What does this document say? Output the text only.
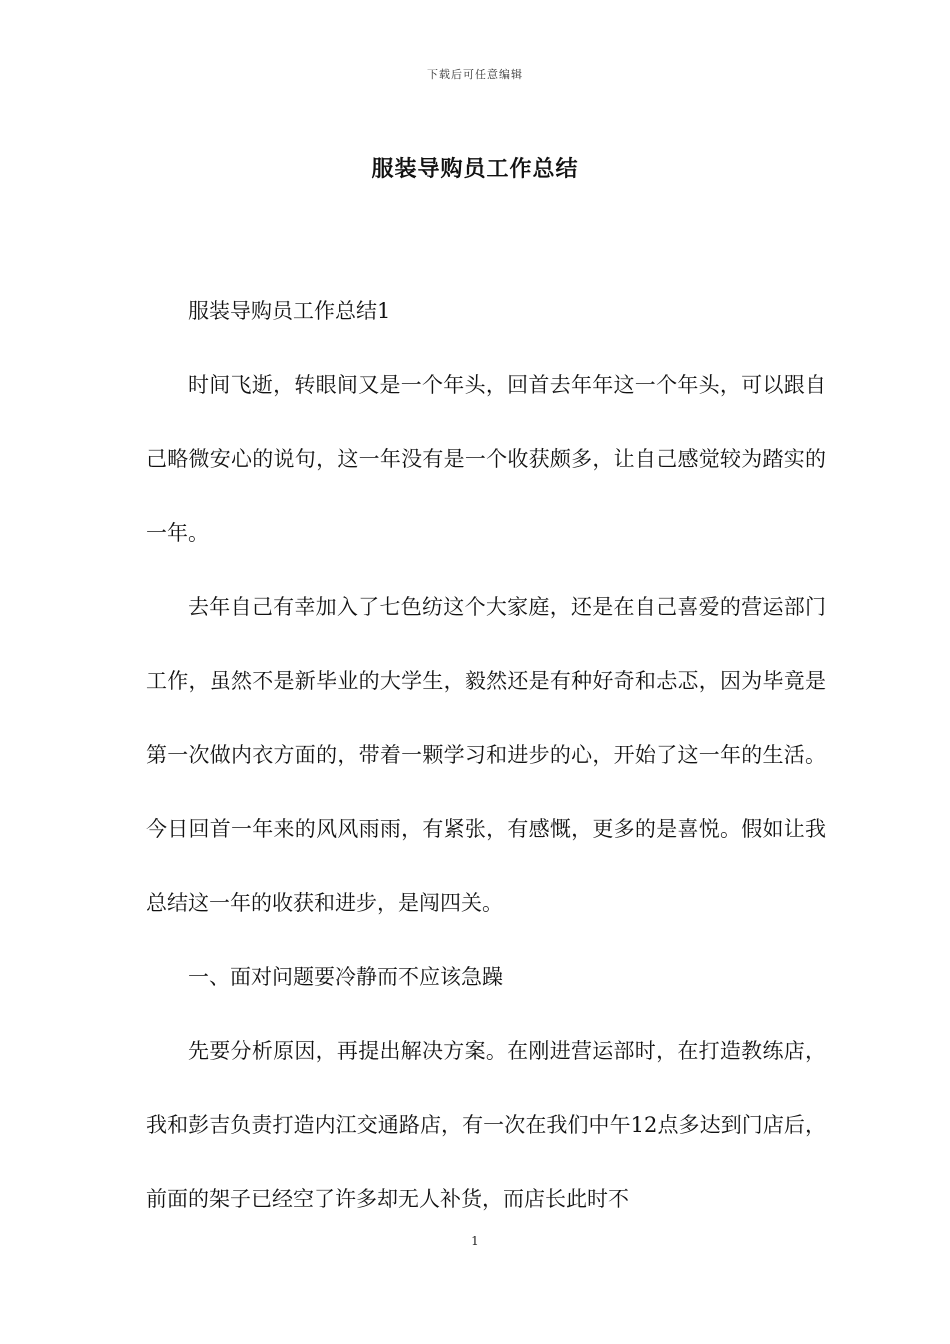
下载后可任意编辑
服装导购员工作总结

服装导购员工作总结1

时间飞逝，转眼间又是一个年头，回首去年年这一个年头，可以跟自己略微安心的说句，这一年没有是一个收获颇多，让自己感觉较为踏实的一年。

去年自己有幸加入了七色纺这个大家庭，还是在自己喜爱的营运部门工作，虽然不是新毕业的大学生，毅然还是有种好奇和忐忑，因为毕竟是第一次做内衣方面的，带着一颗学习和进步的心，开始了这一年的生活。今日回首一年来的风风雨雨，有紧张，有感慨，更多的是喜悦。假如让我总结这一年的收获和进步，是闯四关。

一、面对问题要冷静而不应该急躁

先要分析原因，再提出解决方案。在刚进营运部时，在打造教练店，我和彭吉负责打造内江交通路店，有一次在我们中午12点多达到门店后，前面的架子已经空了许多却无人补货，而店长此时不

1
